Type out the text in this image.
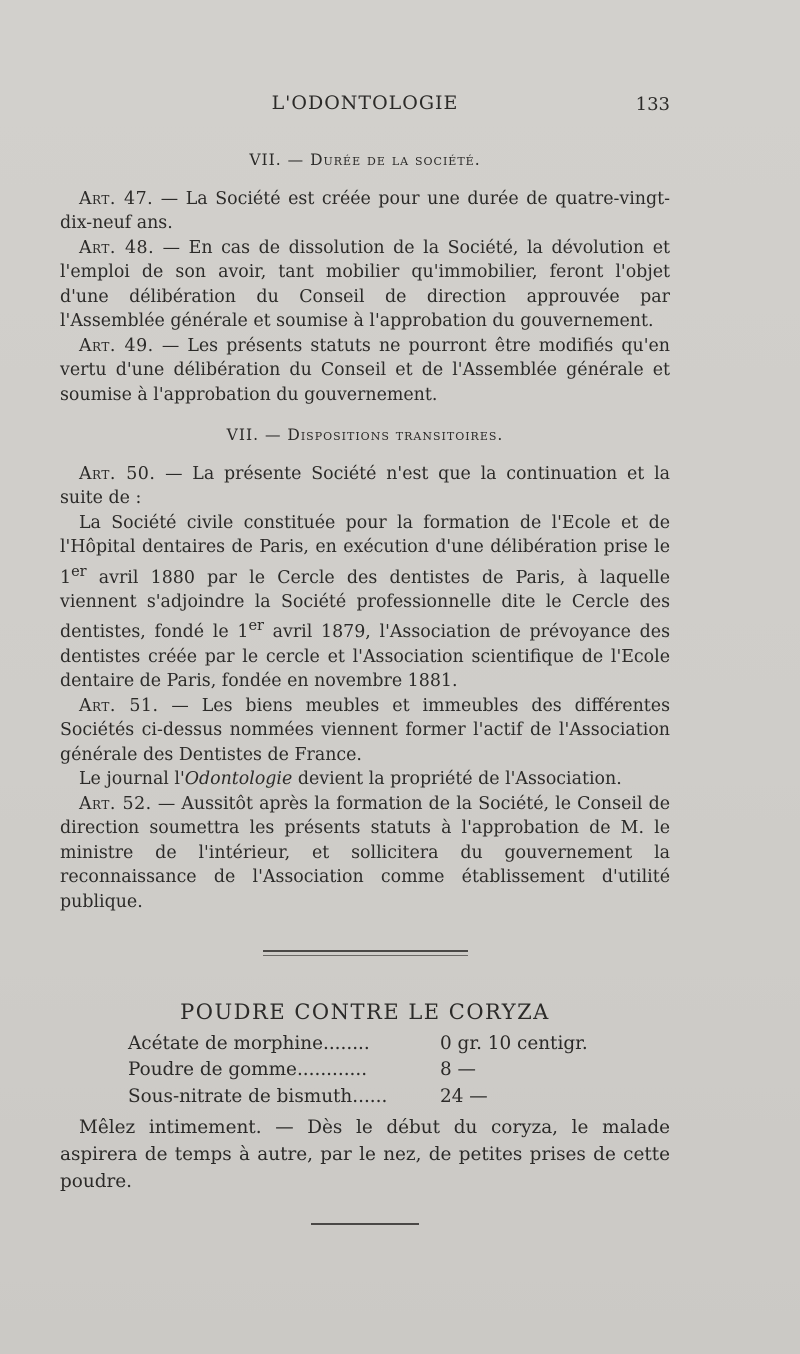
L'ODONTOLOGIE	133
VII. — Durée de la société.

Art. 47. — La Société est créée pour une durée de quatre-vingt-dix-neuf ans.

Art. 48. — En cas de dissolution de la Société, la dévolution et l'emploi de son avoir, tant mobilier qu'immobilier, feront l'objet d'une délibération du Conseil de direction approuvée par l'Assemblée générale et soumise à l'approbation du gouvernement.

Art. 49. — Les présents statuts ne pourront être modifiés qu'en vertu d'une délibération du Conseil et de l'Assemblée générale et soumise à l'approbation du gouvernement.

VII. — Dispositions transitoires.

Art. 50. — La présente Société n'est que la continuation et la suite de :

La Société civile constituée pour la formation de l'Ecole et de l'Hôpital dentaires de Paris, en exécution d'une délibération prise le 1er avril 1880 par le Cercle des dentistes de Paris, à laquelle viennent s'adjoindre la Société professionnelle dite le Cercle des dentistes, fondé le 1er avril 1879, l'Association de prévoyance des dentistes créée par le cercle et l'Association scientifique de l'Ecole dentaire de Paris, fondée en novembre 1881.

Art. 51. — Les biens meubles et immeubles des différentes Sociétés ci-dessus nommées viennent former l'actif de l'Association générale des Dentistes de France.

Le journal l'Odontologie devient la propriété de l'Association.

Art. 52. — Aussitôt après la formation de la Société, le Conseil de direction soumettra les présents statuts à l'approbation de M. le ministre de l'intérieur, et sollicitera du gouvernement la reconnaissance de l'Association comme établissement d'utilité publique.

POUDRE CONTRE LE CORYZA
Acétate de morphine........	0 gr. 10 centigr.
Poudre de gomme............	8 —
Sous-nitrate de bismuth......	24 —

Mêlez intimement. — Dès le début du coryza, le malade aspirera de temps à autre, par le nez, de petites prises de cette poudre.
